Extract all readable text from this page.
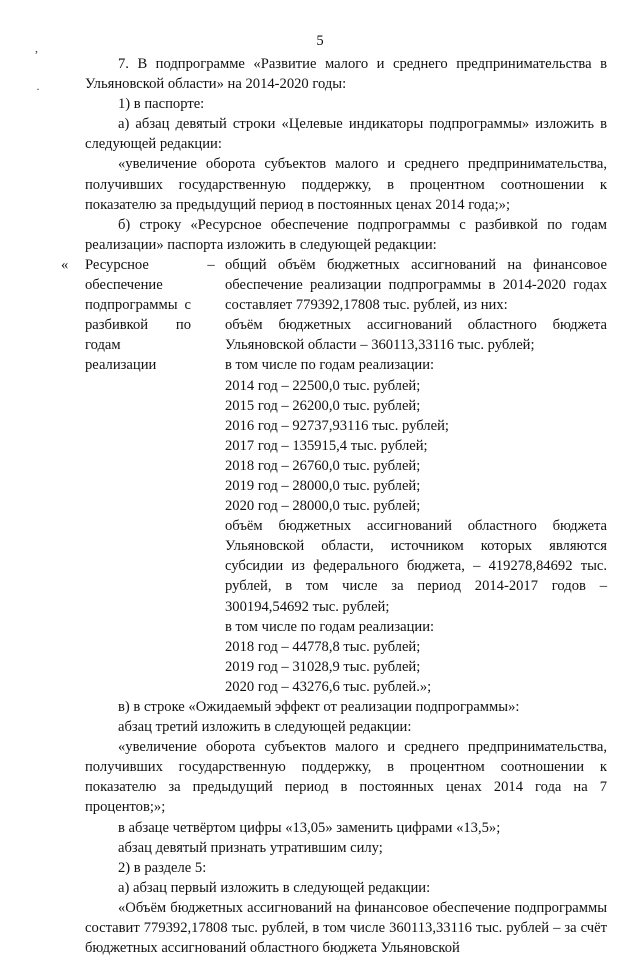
5
,
·

7. В подпрограмме «Развитие малого и среднего предпринимательства в Ульяновской области» на 2014-2020 годы:

1) в паспорте:

а) абзац девятый строки «Целевые индикаторы подпрограммы» изложить в следующей редакции:

«увеличение оборота субъектов малого и среднего предпринимательства, получивших государственную поддержку, в процентном соотношении к показателю за предыдущий период в постоянных ценах 2014 года;»;

б) строку «Ресурсное обеспечение подпрограммы с разбивкой по годам реализации» паспорта изложить в следующей редакции:

« Ресурсное обеспечение подпрограммы с разбивкой по годам реализации
– общий объём бюджетных ассигнований на финансовое обеспечение реализации подпрограммы в 2014-2020 годах составляет 779392,17808 тыс. рублей, из них:

объём бюджетных ассигнований областного бюджета Ульяновской области – 360113,33116 тыс. рублей;

в том числе по годам реализации:

2014 год – 22500,0 тыс. рублей;

2015 год – 26200,0 тыс. рублей;

2016 год – 92737,93116 тыс. рублей;

2017 год – 135915,4 тыс. рублей;

2018 год – 26760,0 тыс. рублей;

2019 год – 28000,0 тыс. рублей;

2020 год – 28000,0 тыс. рублей;

объём бюджетных ассигнований областного бюджета Ульяновской области, источником которых являются субсидии из федерального бюджета, – 419278,84692 тыс. рублей, в том числе за период 2014-2017 годов – 300194,54692 тыс. рублей;

в том числе по годам реализации:

2018 год – 44778,8 тыс. рублей;

2019 год – 31028,9 тыс. рублей;

2020 год – 43276,6 тыс. рублей.»;

в) в строке «Ожидаемый эффект от реализации подпрограммы»:

абзац третий изложить в следующей редакции:

«увеличение оборота субъектов малого и среднего предпринимательства, получивших государственную поддержку, в процентном соотношении к показателю за предыдущий период в постоянных ценах 2014 года на 7 процентов;»;

в абзаце четвёртом цифры «13,05» заменить цифрами «13,5»;

абзац девятый признать утратившим силу;

2) в разделе 5:

а) абзац первый изложить в следующей редакции:

«Объём бюджетных ассигнований на финансовое обеспечение подпрограммы составит 779392,17808 тыс. рублей, в том числе 360113,33116 тыс. рублей – за счёт бюджетных ассигнований областного бюджета Ульяновской
